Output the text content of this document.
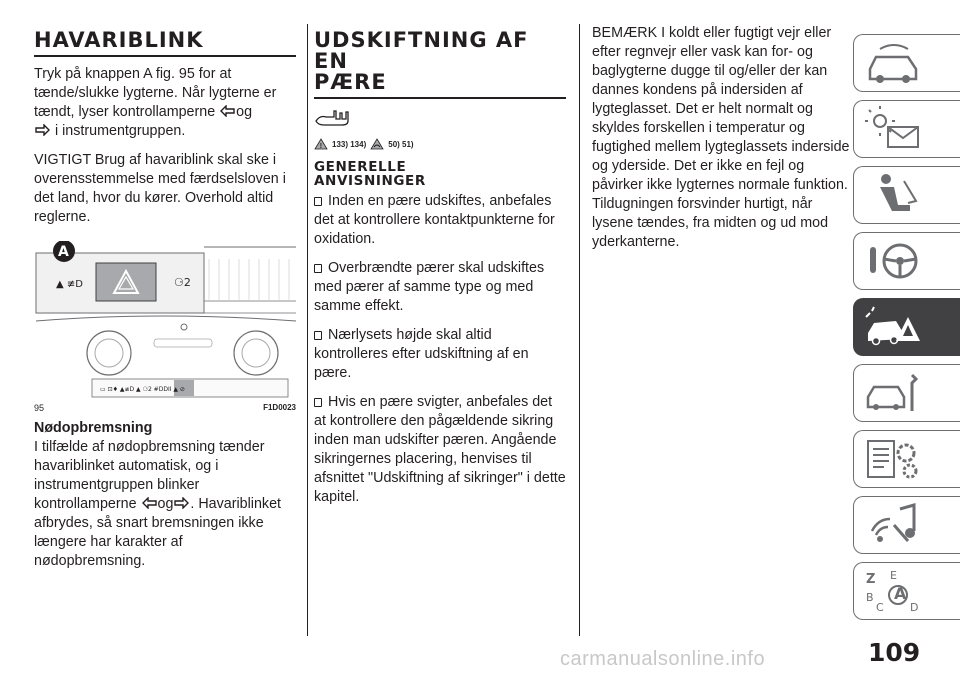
HAVARIBLINK

Tryk på knappen A fig. 95 for at tænde/slukke lygterne. Når lygterne er tændt, lyser kontrollamperne og
i instrumentgruppen.

VIGTIGT Brug af havariblink skal ske i overensstemmelse med færdselsloven i det land, hvor du kører. Overhold altid reglerne.

▲ ≢D	⚆2
A
▭ ⊡♦ ▲≢D ▲ ⚆2 #DDII ▲ ⊘
95	F1D0023
Nødopbremsning

I tilfælde af nødopbremsning tænder havariblinket automatisk, og i instrumentgruppen blinker kontrollamperne og . Havariblinket afbrydes, så snart bremsningen ikke længere har karakter af nødopbremsning.

UDSKIFTNING AF EN
PÆRE
! 133) 134)	50) 51)
GENERELLE
ANVISNINGER

Inden en pære udskiftes, anbefales det at kontrollere kontaktpunkterne for oxidation.

Overbrændte pærer skal udskiftes med pærer af samme type og med samme effekt.

Nærlysets højde skal altid kontrolleres efter udskiftning af en pære.

Hvis en pære svigter, anbefales det at kontrollere den pågældende sikring inden man udskifter pæren. Angående sikringernes placering, henvises til afsnittet "Udskiftning af sikringer" i dette kapitel.

BEMÆRK I koldt eller fugtigt vejr eller efter regnvejr eller vask kan for- og baglygterne dugge til og/eller der kan dannes kondens på indersiden af lygteglasset. Det er helt normalt og skyldes forskellen i temperatur og fugtighed mellem lygteglassets inderside og yderside. Det er ikke en fejl og påvirker ikke lygternes normale funktion. Tildugningen forsvinder hurtigt, når lysene tændes, fra midten og ud mod yderkanterne.

Z E
A
B
C D
109
carmanualsonline.info
